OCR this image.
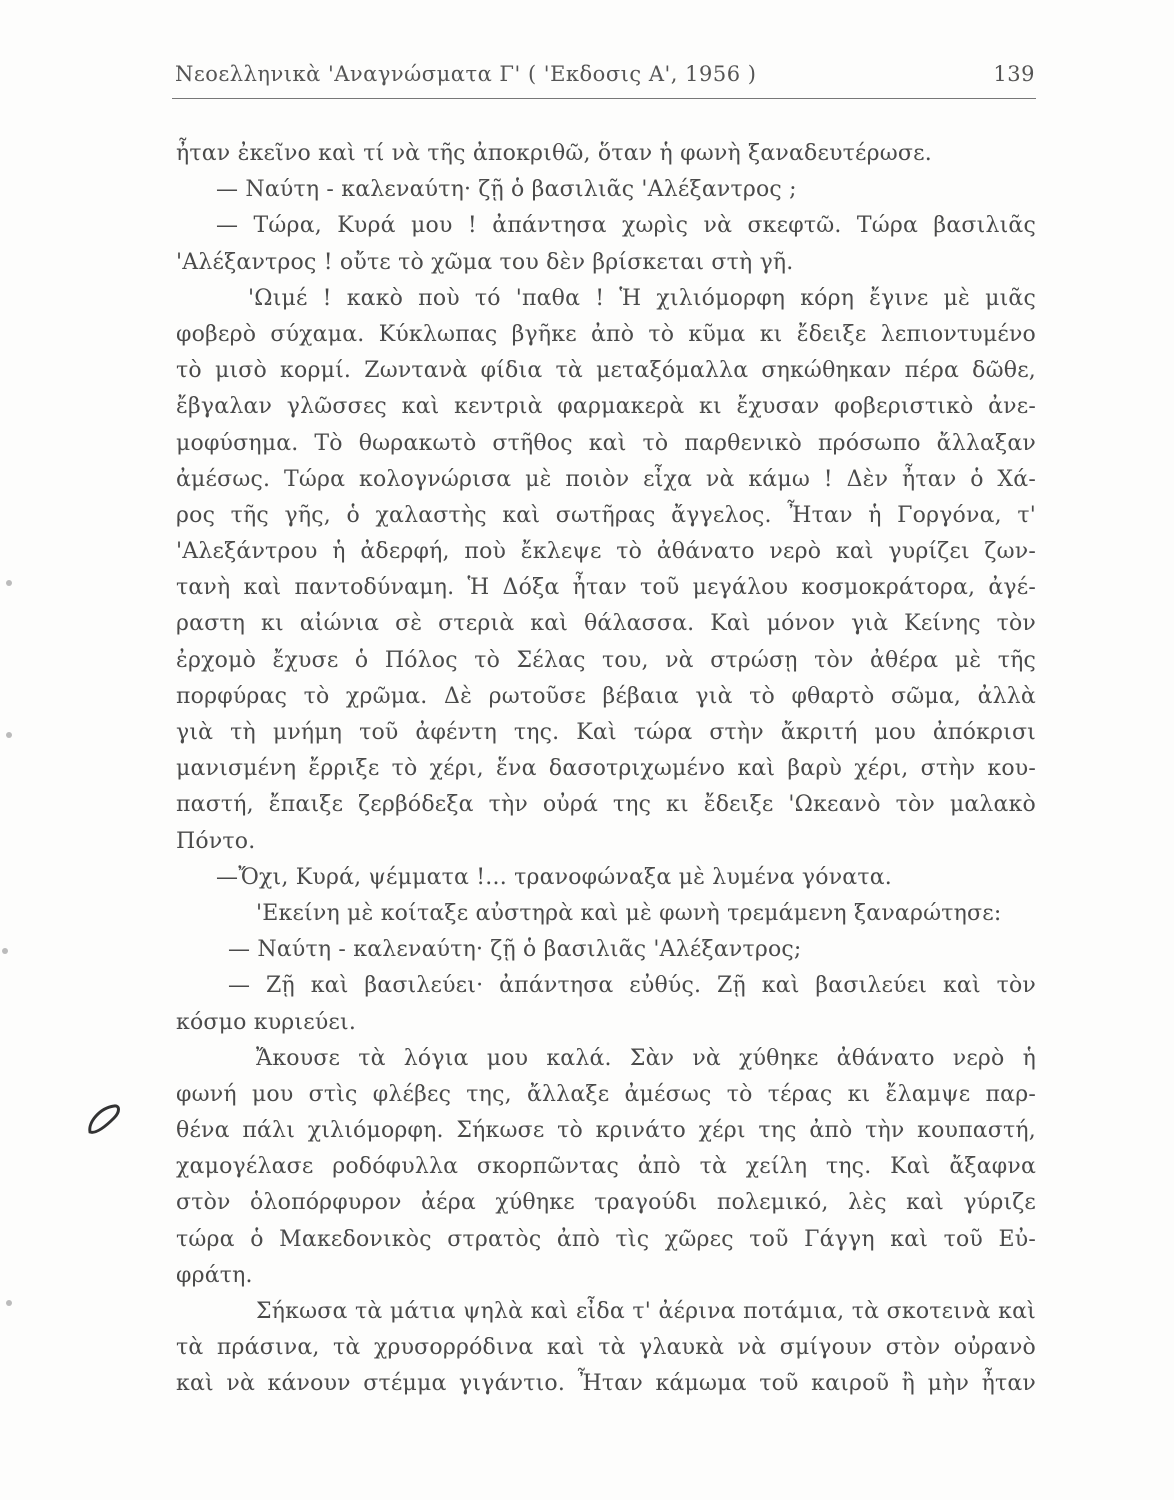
Νεοελληνικὰ 'Αναγνώσματα Γ' ( 'Εκδοσις Α', 1956 )	139
ἦταν ἐκεῖνο καὶ τί νὰ τῆς ἀποκριθῶ, ὅταν ἡ φωνὴ ξαναδευτέρωσε.
— Ναύτη - καλεναύτη· ζῇ ὁ βασιλιᾶς 'Αλέξαντρος ;
— Τώρα, Κυρά μου ! ἀπάντησα χωρὶς νὰ σκεφτῶ. Τώρα βασιλιᾶς
'Αλέξαντρος ! οὔτε τὸ χῶμα του δὲν βρίσκεται στὴ γῆ.
'Ωιμέ ! κακὸ ποὺ τό 'παθα ! Ἡ χιλιόμορφη κόρη ἔγινε μὲ μιᾶς
φοβερὸ σύχαμα. Κύκλωπας βγῆκε ἀπὸ τὸ κῦμα κι ἔδειξε λεπιοντυμένο
τὸ μισὸ κορμί. Ζωντανὰ φίδια τὰ μεταξόμαλλα σηκώθηκαν πέρα δῶθε,
ἔβγαλαν γλῶσσες καὶ κεντριὰ φαρμακερὰ κι ἔχυσαν φοβεριστικὸ ἀνε-
μοφύσημα. Τὸ θωρακωτὸ στῆθος καὶ τὸ παρθενικὸ πρόσωπο ἄλλαξαν
ἀμέσως. Τώρα κολογνώρισα μὲ ποιὸν εἶχα νὰ κάμω ! Δὲν ἦταν ὁ Χά-
ρος τῆς γῆς, ὁ χαλαστὴς καὶ σωτῆρας ἄγγελος. Ἦταν ἡ Γοργόνα, τ'
'Αλεξάντρου ἡ ἀδερφή, ποὺ ἔκλεψε τὸ ἀθάνατο νερὸ καὶ γυρίζει ζων-
τανὴ καὶ παντοδύναμη. Ἡ Δόξα ἦταν τοῦ μεγάλου κοσμοκράτορα, ἀγέ-
ραστη κι αἰώνια σὲ στεριὰ καὶ θάλασσα. Καὶ μόνον γιὰ Κείνης τὸν
ἐρχομὸ ἔχυσε ὁ Πόλος τὸ Σέλας του, νὰ στρώσῃ τὸν ἀθέρα μὲ τῆς
πορφύρας τὸ χρῶμα. Δὲ ρωτοῦσε βέβαια γιὰ τὸ φθαρτὸ σῶμα, ἀλλὰ
γιὰ τὴ μνήμη τοῦ ἀφέντη της. Καὶ τώρα στὴν ἄκριτή μου ἀπόκρισι
μανισμένη ἔρριξε τὸ χέρι, ἕνα δασοτριχωμένο καὶ βαρὺ χέρι, στὴν κου-
παστή, ἔπαιξε ζερβόδεξα τὴν οὐρά της κι ἔδειξε 'Ωκεανὸ τὸν μαλακὸ
Πόντο.
—Ὄχι, Κυρά, ψέμματα !... τρανοφώναξα μὲ λυμένα γόνατα.
'Εκείνη μὲ κοίταξε αὐστηρὰ καὶ μὲ φωνὴ τρεμάμενη ξαναρώτησε:
— Ναύτη - καλεναύτη· ζῇ ὁ βασιλιᾶς 'Αλέξαντρος;
— Ζῇ καὶ βασιλεύει· ἀπάντησα εὐθύς. Ζῇ καὶ βασιλεύει καὶ τὸν
κόσμο κυριεύει.
Ἄκουσε τὰ λόγια μου καλά. Σὰν νὰ χύθηκε ἀθάνατο νερὸ ἡ
φωνή μου στὶς φλέβες της, ἄλλαξε ἀμέσως τὸ τέρας κι ἔλαμψε παρ-
θένα πάλι χιλιόμορφη. Σήκωσε τὸ κρινάτο χέρι της ἀπὸ τὴν κουπαστή,
χαμογέλασε ροδόφυλλα σκορπῶντας ἀπὸ τὰ χείλη της. Καὶ ἄξαφνα
στὸν ὁλοπόρφυρον ἀέρα χύθηκε τραγούδι πολεμικό, λὲς καὶ γύριζε
τώρα ὁ Μακεδονικὸς στρατὸς ἀπὸ τὶς χῶρες τοῦ Γάγγη καὶ τοῦ Εὐ-
φράτη.
Σήκωσα τὰ μάτια ψηλὰ καὶ εἶδα τ' ἀέρινα ποτάμια, τὰ σκοτεινὰ καὶ
τὰ πράσινα, τὰ χρυσορρόδινα καὶ τὰ γλαυκὰ νὰ σμίγουν στὸν οὐρανὸ
καὶ νὰ κάνουν στέμμα γιγάντιο. Ἦταν κάμωμα τοῦ καιροῦ ἢ μὴν ἦταν
